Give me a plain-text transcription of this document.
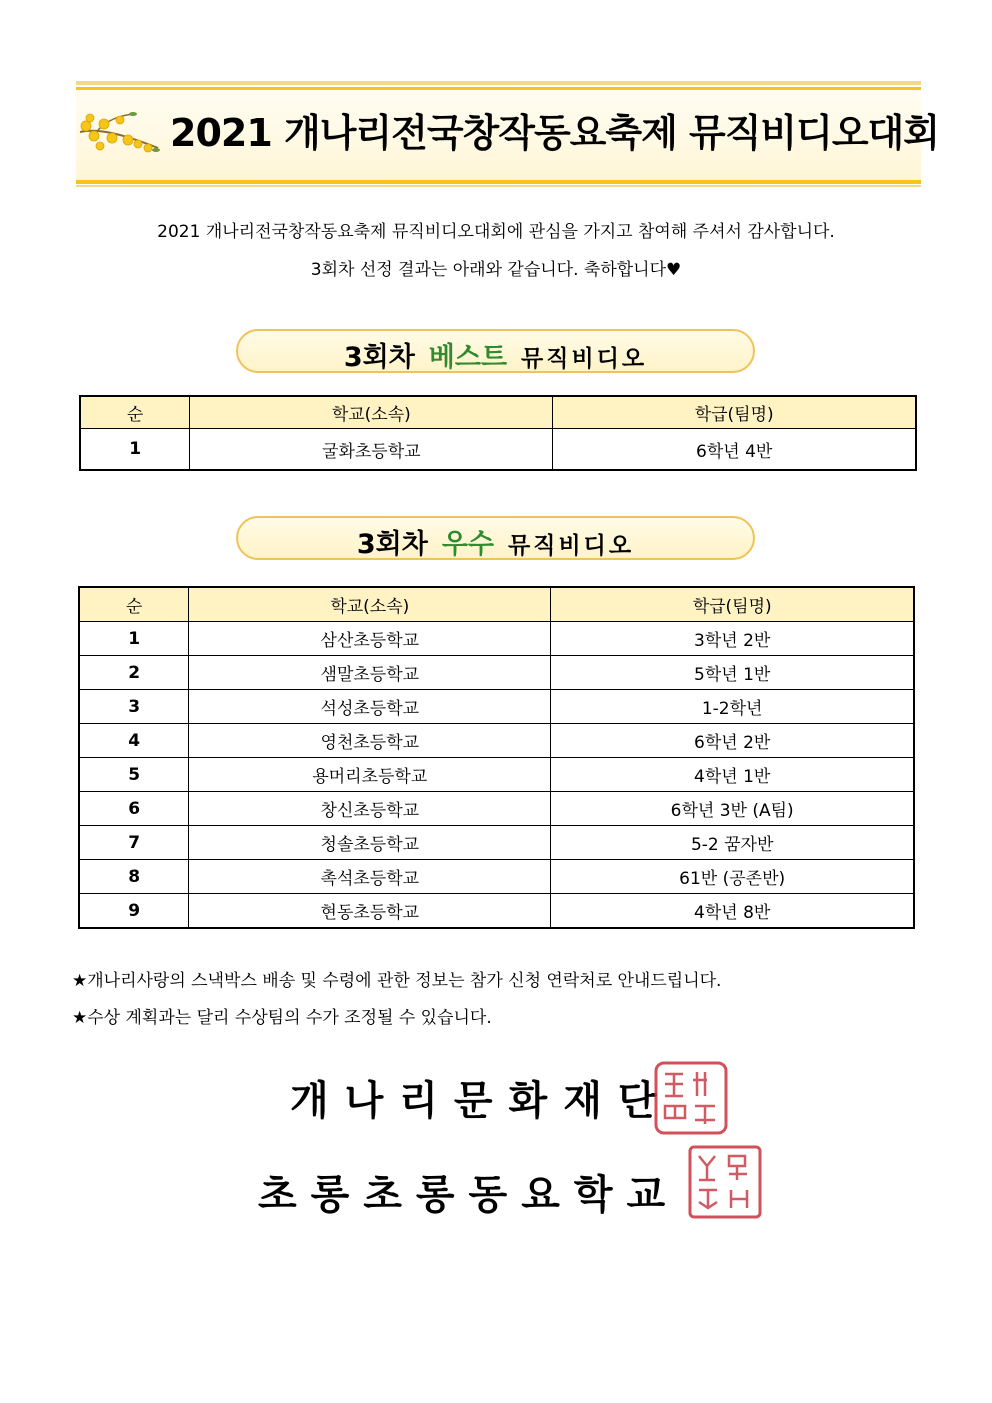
2021 개나리전국창작동요축제 뮤직비디오대회
2021 개나리전국창작동요축제 뮤직비디오대회에 관심을 가지고 참여해 주셔서 감사합니다.
3회차 선정 결과는 아래와 같습니다. 축하합니다♥
3회차 베스트 뮤직비디오
순	학교(소속)	학급(팀명)
1	굴화초등학교	6학년 4반
3회차 우수 뮤직비디오
순	학교(소속)	학급(팀명)
1	삼산초등학교	3학년 2반
2	샘말초등학교	5학년 1반
3	석성초등학교	1-2학년
4	영천초등학교	6학년 2반
5	용머리초등학교	4학년 1반
6	창신초등학교	6학년 3반 (A팀)
7	청솔초등학교	5-2 꿈자반
8	촉석초등학교	61반 (공존반)
9	현동초등학교	4학년 8반
★개나리사랑의 스낵박스 배송 및 수령에 관한 정보는 참가 신청 연락처로 안내드립니다.
★수상 계획과는 달리 수상팀의 수가 조정될 수 있습니다.
개나리문화재단
초롱초롱동요학교
